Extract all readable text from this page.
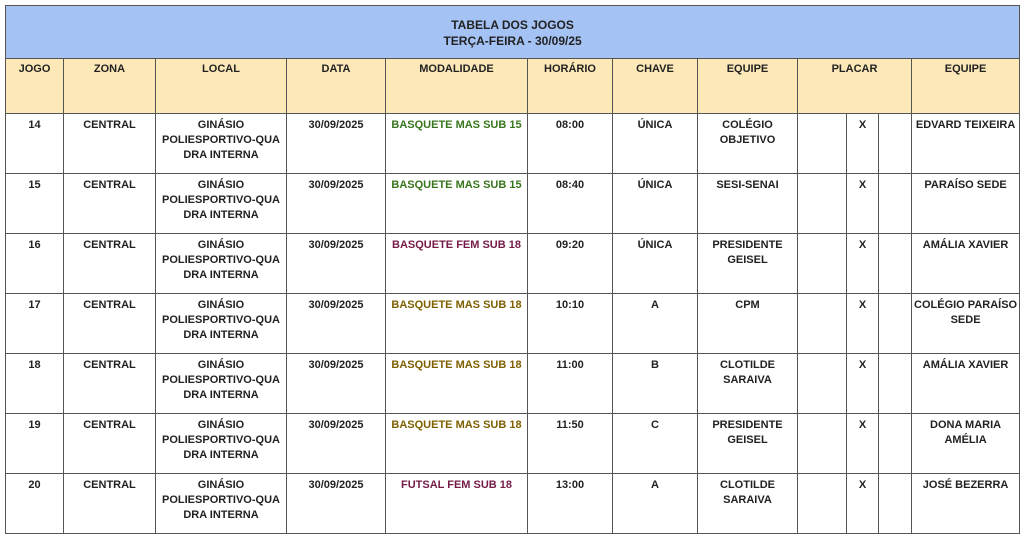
TABELA DOS JOGOS
TERÇA-FEIRA - 30/09/25											

JOGO	ZONA	LOCAL	DATA	MODALIDADE	HORÁRIO	CHAVE	EQUIPE	PLACAR			EQUIPE
14	CENTRAL	GINÁSIO POLIESPORTIVO-QUA DRA INTERNA	30/09/2025	BASQUETE MAS SUB 15	08:00	ÚNICA	COLÉGIO OBJETIVO		X		EDVARD TEIXEIRA
15	CENTRAL	GINÁSIO POLIESPORTIVO-QUA DRA INTERNA	30/09/2025	BASQUETE MAS SUB 15	08:40	ÚNICA	SESI-SENAI		X		PARAÍSO SEDE
16	CENTRAL	GINÁSIO POLIESPORTIVO-QUA DRA INTERNA	30/09/2025	BASQUETE FEM SUB 18	09:20	ÚNICA	PRESIDENTE GEISEL		X		AMÁLIA XAVIER
17	CENTRAL	GINÁSIO POLIESPORTIVO-QUA DRA INTERNA	30/09/2025	BASQUETE MAS SUB 18	10:10	A	CPM		X		COLÉGIO PARAÍSO SEDE
18	CENTRAL	GINÁSIO POLIESPORTIVO-QUA DRA INTERNA	30/09/2025	BASQUETE MAS SUB 18	11:00	B	CLOTILDE SARAIVA		X		AMÁLIA XAVIER
19	CENTRAL	GINÁSIO POLIESPORTIVO-QUA DRA INTERNA	30/09/2025	BASQUETE MAS SUB 18	11:50	C	PRESIDENTE GEISEL		X		DONA MARIA AMÉLIA
20	CENTRAL	GINÁSIO POLIESPORTIVO-QUA DRA INTERNA	30/09/2025	FUTSAL FEM SUB 18	13:00	A	CLOTILDE SARAIVA		X		JOSÉ BEZERRA
